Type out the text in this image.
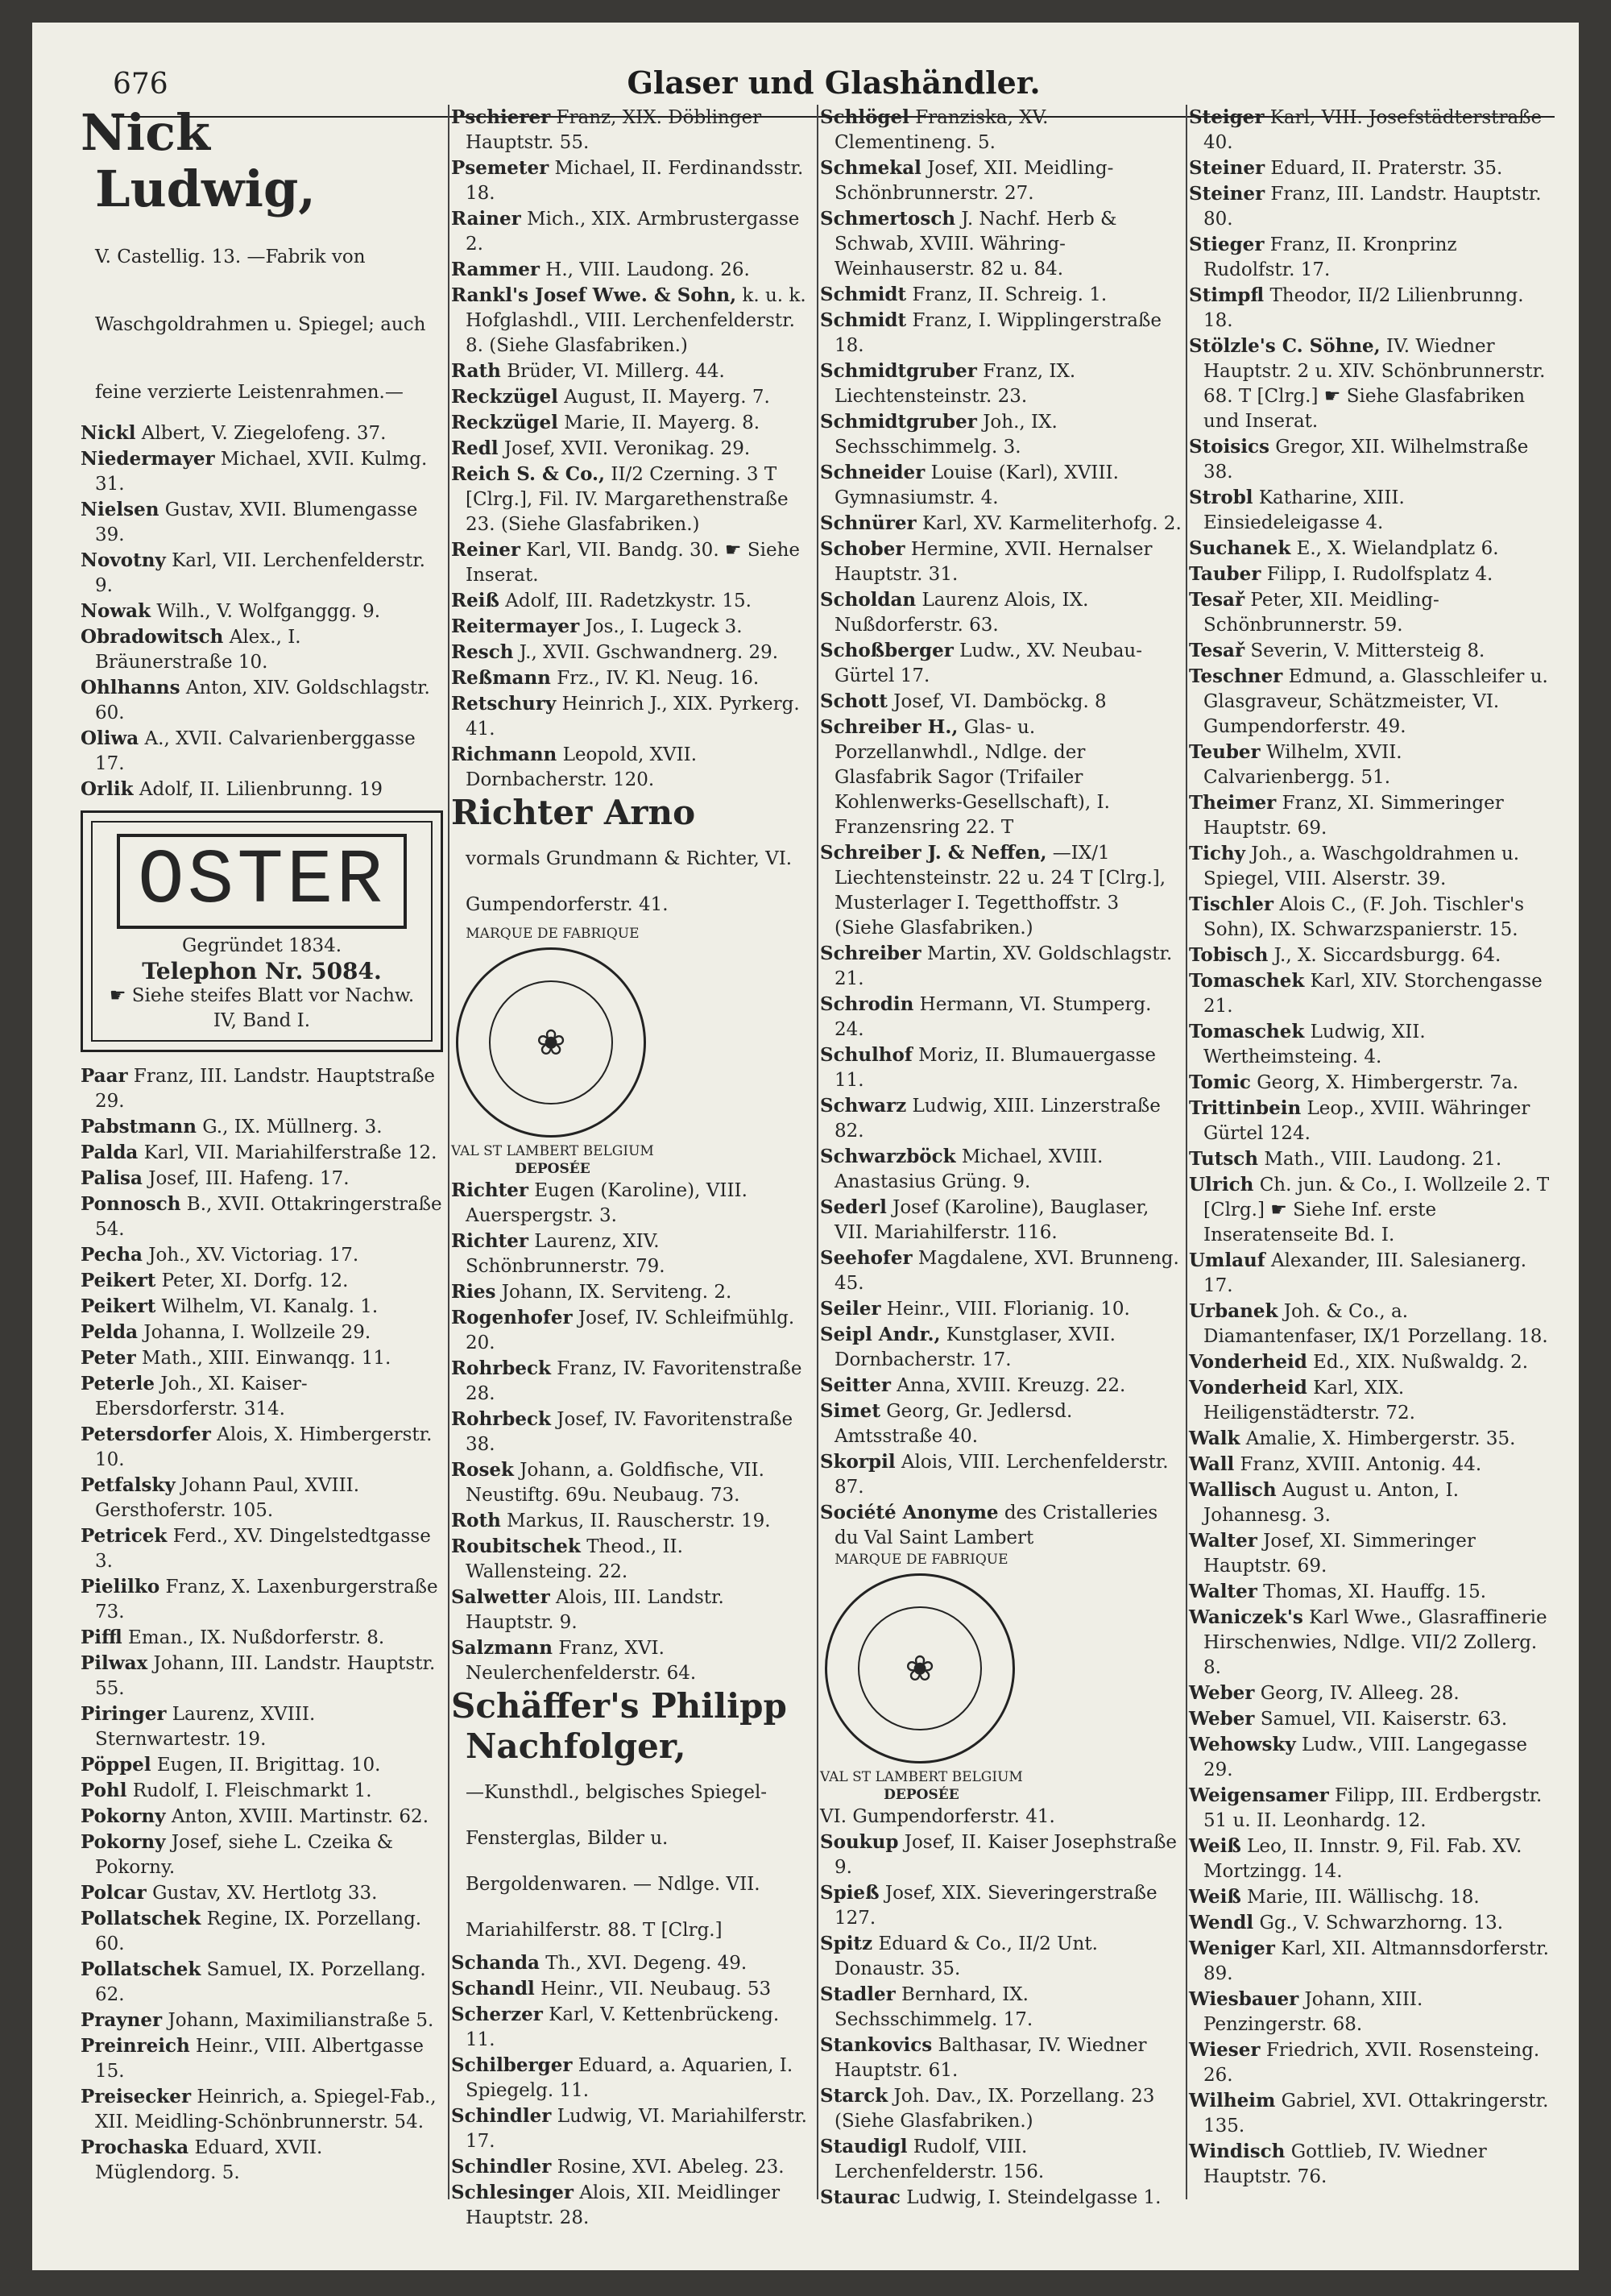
676	Glaser und Glashändler.

Nick Ludwig,
V. Castellig. 13. —Fabrik von Waschgoldrahmen u. Spiegel; auch feine verzierte Leistenrahmen.—

Nickl Albert, V. Ziegelofeng. 37.

Niedermayer Michael, XVII. Kulmg. 31.

Nielsen Gustav, XVII. Blumengasse 39.

Novotny Karl, VII. Lerchenfelderstr. 9.

Nowak Wilh., V. Wolfganggg. 9.

Obradowitsch Alex., I. Bräunerstraße 10.

Ohlhanns Anton, XIV. Goldschlagstr. 60.

Oliwa A., XVII. Calvarienberggasse 17.

Orlik Adolf, II. Lilienbrunng. 19

OSTER
Gegründet 1834.
Telephon Nr. 5084.
☛ Siehe steifes Blatt vor Nachw. IV, Band I.

Paar Franz, III. Landstr. Hauptstraße 29.

Pabstmann G., IX. Müllnerg. 3.

Palda Karl, VII. Mariahilferstraße 12.

Palisa Josef, III. Hafeng. 17.

Ponnosch B., XVII. Ottakringerstraße 54.

Pecha Joh., XV. Victoriag. 17.

Peikert Peter, XI. Dorfg. 12.

Peikert Wilhelm, VI. Kanalg. 1.

Pelda Johanna, I. Wollzeile 29.

Peter Math., XIII. Einwanqg. 11.

Peterle Joh., XI. Kaiser-Ebersdorferstr. 314.

Petersdorfer Alois, X. Himbergerstr. 10.

Petfalsky Johann Paul, XVIII. Gersthoferstr. 105.

Petricek Ferd., XV. Dingelstedtgasse 3.

Pielilko Franz, X. Laxenburgerstraße 73.

Piffl Eman., IX. Nußdorferstr. 8.

Pilwax Johann, III. Landstr. Hauptstr. 55.

Piringer Laurenz, XVIII. Sternwartestr. 19.

Pöppel Eugen, II. Brigittag. 10.

Pohl Rudolf, I. Fleischmarkt 1.

Pokorny Anton, XVIII. Martinstr. 62.

Pokorny Josef, siehe L. Czeika & Pokorny.

Polcar Gustav, XV. Hertlotg 33.

Pollatschek Regine, IX. Porzellang. 60.

Pollatschek Samuel, IX. Porzellang. 62.

Prayner Johann, Maximilianstraße 5.

Preinreich Heinr., VIII. Albertgasse 15.

Preisecker Heinrich, a. Spiegel-Fab., XII. Meidling-Schönbrunnerstr. 54.

Prochaska Eduard, XVII. Müglendorg. 5.

Pschierer Franz, XIX. Döblinger Hauptstr. 55.

Psemeter Michael, II. Ferdinandsstr. 18.

Rainer Mich., XIX. Armbrustergasse 2.

Rammer H., VIII. Laudong. 26.

Rankl's Josef Wwe. & Sohn, k. u. k. Hofglashdl., VIII. Lerchenfelderstr. 8. (Siehe Glasfabriken.)

Rath Brüder, VI. Millerg. 44.

Reckzügel August, II. Mayerg. 7.

Reckzügel Marie, II. Mayerg. 8.

Redl Josef, XVII. Veronikag. 29.

Reich S. & Co., II/2 Czerning. 3 T [Clrg.], Fil. IV. Margarethenstraße 23. (Siehe Glasfabriken.)

Reiner Karl, VII. Bandg. 30. ☛ Siehe Inserat.

Reiß Adolf, III. Radetzkystr. 15.

Reitermayer Jos., I. Lugeck 3.

Resch J., XVII. Gschwandnerg. 29.

Reßmann Frz., IV. Kl. Neug. 16.

Retschury Heinrich J., XIX. Pyrkerg. 41.

Richmann Leopold, XVII. Dornbacherstr. 120.

Richter Arno
vormals Grundmann & Richter, VI. Gumpendorferstr. 41.

MARQUE DE FABRIQUE
❀
VAL ST LAMBERT BELGIUM
DEPOSÉE

Richter Eugen (Karoline), VIII. Auerspergstr. 3.

Richter Laurenz, XIV. Schönbrunnerstr. 79.

Ries Johann, IX. Serviteng. 2.

Rogenhofer Josef, IV. Schleifmühlg. 20.

Rohrbeck Franz, IV. Favoritenstraße 28.

Rohrbeck Josef, IV. Favoritenstraße 38.

Rosek Johann, a. Goldfische, VII. Neustiftg. 69u. Neubaug. 73.

Roth Markus, II. Rauscherstr. 19.

Roubitschek Theod., II. Wallensteing. 22.

Salwetter Alois, III. Landstr. Hauptstr. 9.

Salzmann Franz, XVI. Neulerchenfelderstr. 64.

Schäffer's Philipp Nachfolger,
—Kunsthdl., belgisches Spiegel-Fensterglas, Bilder u. Bergoldenwaren. — Ndlge. VII. Mariahilferstr. 88. T [Clrg.]

Schanda Th., XVI. Degeng. 49.

Schandl Heinr., VII. Neubaug. 53

Scherzer Karl, V. Kettenbrückeng. 11.

Schilberger Eduard, a. Aquarien, I. Spiegelg. 11.

Schindler Ludwig, VI. Mariahilferstr. 17.

Schindler Rosine, XVI. Abeleg. 23.

Schlesinger Alois, XII. Meidlinger Hauptstr. 28.

Schlögel Franziska, XV. Clementineng. 5.

Schmekal Josef, XII. Meidling-Schönbrunnerstr. 27.

Schmertosch J. Nachf. Herb & Schwab, XVIII. Währing-Weinhauserstr. 82 u. 84.

Schmidt Franz, II. Schreig. 1.

Schmidt Franz, I. Wipplingerstraße 18.

Schmidtgruber Franz, IX. Liechtensteinstr. 23.

Schmidtgruber Joh., IX. Sechsschimmelg. 3.

Schneider Louise (Karl), XVIII. Gymnasiumstr. 4.

Schnürer Karl, XV. Karmeliterhofg. 2.

Schober Hermine, XVII. Hernalser Hauptstr. 31.

Scholdan Laurenz Alois, IX. Nußdorferstr. 63.

Schoßberger Ludw., XV. Neubau-Gürtel 17.

Schott Josef, VI. Damböckg. 8

Schreiber H., Glas- u. Porzellanwhdl., Ndlge. der Glasfabrik Sagor (Trifailer Kohlenwerks-Gesellschaft), I. Franzensring 22. T

Schreiber J. & Neffen, —IX/1 Liechtensteinstr. 22 u. 24 T [Clrg.], Musterlager I. Tegetthoffstr. 3 (Siehe Glasfabriken.)

Schreiber Martin, XV. Goldschlagstr. 21.

Schrodin Hermann, VI. Stumperg. 24.

Schulhof Moriz, II. Blumauergasse 11.

Schwarz Ludwig, XIII. Linzerstraße 82.

Schwarzböck Michael, XVIII. Anastasius Grüng. 9.

Sederl Josef (Karoline), Bauglaser, VII. Mariahilferstr. 116.

Seehofer Magdalene, XVI. Brunneng. 45.

Seiler Heinr., VIII. Florianig. 10.

Seipl Andr., Kunstglaser, XVII. Dornbacherstr. 17.

Seitter Anna, XVIII. Kreuzg. 22.

Simet Georg, Gr. Jedlersd. Amtsstraße 40.

Skorpil Alois, VIII. Lerchenfelderstr. 87.

Société Anonyme des Cristalleries du Val Saint Lambert

MARQUE DE FABRIQUE
❀
VAL ST LAMBERT BELGIUM
DEPOSÉE

VI. Gumpendorferstr. 41.

Soukup Josef, II. Kaiser Josephstraße 9.

Spieß Josef, XIX. Sieveringerstraße 127.

Spitz Eduard & Co., II/2 Unt. Donaustr. 35.

Stadler Bernhard, IX. Sechsschimmelg. 17.

Stankovics Balthasar, IV. Wiedner Hauptstr. 61.

Starck Joh. Dav., IX. Porzellang. 23 (Siehe Glasfabriken.)

Staudigl Rudolf, VIII. Lerchenfelderstr. 156.

Staurac Ludwig, I. Steindelgasse 1.

Steiger Karl, VIII. Josefstädterstraße 40.

Steiner Eduard, II. Praterstr. 35.

Steiner Franz, III. Landstr. Hauptstr. 80.

Stieger Franz, II. Kronprinz Rudolfstr. 17.

Stimpfl Theodor, II/2 Lilienbrunng. 18.

Stölzle's C. Söhne, IV. Wiedner Hauptstr. 2 u. XIV. Schönbrunnerstr. 68. T [Clrg.] ☛ Siehe Glasfabriken und Inserat.

Stoisics Gregor, XII. Wilhelmstraße 38.

Strobl Katharine, XIII. Einsiedeleigasse 4.

Suchanek E., X. Wielandplatz 6.

Tauber Filipp, I. Rudolfsplatz 4.

Tesař Peter, XII. Meidling-Schönbrunnerstr. 59.

Tesař Severin, V. Mittersteig 8.

Teschner Edmund, a. Glasschleifer u. Glasgraveur, Schätzmeister, VI. Gumpendorferstr. 49.

Teuber Wilhelm, XVII. Calvarienbergg. 51.

Theimer Franz, XI. Simmeringer Hauptstr. 69.

Tichy Joh., a. Waschgoldrahmen u. Spiegel, VIII. Alserstr. 39.

Tischler Alois C., (F. Joh. Tischler's Sohn), IX. Schwarzspanierstr. 15.

Tobisch J., X. Siccardsburgg. 64.

Tomaschek Karl, XIV. Storchengasse 21.

Tomaschek Ludwig, XII. Wertheimsteing. 4.

Tomic Georg, X. Himbergerstr. 7a.

Trittinbein Leop., XVIII. Währinger Gürtel 124.

Tutsch Math., VIII. Laudong. 21.

Ulrich Ch. jun. & Co., I. Wollzeile 2. T [Clrg.] ☛ Siehe Inf. erste Inseratenseite Bd. I.

Umlauf Alexander, III. Salesianerg. 17.

Urbanek Joh. & Co., a. Diamantenfaser, IX/1 Porzellang. 18.

Vonderheid Ed., XIX. Nußwaldg. 2.

Vonderheid Karl, XIX. Heiligenstädterstr. 72.

Walk Amalie, X. Himbergerstr. 35.

Wall Franz, XVIII. Antonig. 44.

Wallisch August u. Anton, I. Johannesg. 3.

Walter Josef, XI. Simmeringer Hauptstr. 69.

Walter Thomas, XI. Hauffg. 15.

Waniczek's Karl Wwe., Glasraffinerie Hirschenwies, Ndlge. VII/2 Zollerg. 8.

Weber Georg, IV. Alleeg. 28.

Weber Samuel, VII. Kaiserstr. 63.

Wehowsky Ludw., VIII. Langegasse 29.

Weigensamer Filipp, III. Erdbergstr. 51 u. II. Leonhardg. 12.

Weiß Leo, II. Innstr. 9, Fil. Fab. XV. Mortzingg. 14.

Weiß Marie, III. Wällischg. 18.

Wendl Gg., V. Schwarzhorng. 13.

Weniger Karl, XII. Altmannsdorferstr. 89.

Wiesbauer Johann, XIII. Penzingerstr. 68.

Wieser Friedrich, XVII. Rosensteing. 26.

Wilheim Gabriel, XVI. Ottakringerstr. 135.

Windisch Gottlieb, IV. Wiedner Hauptstr. 76.
